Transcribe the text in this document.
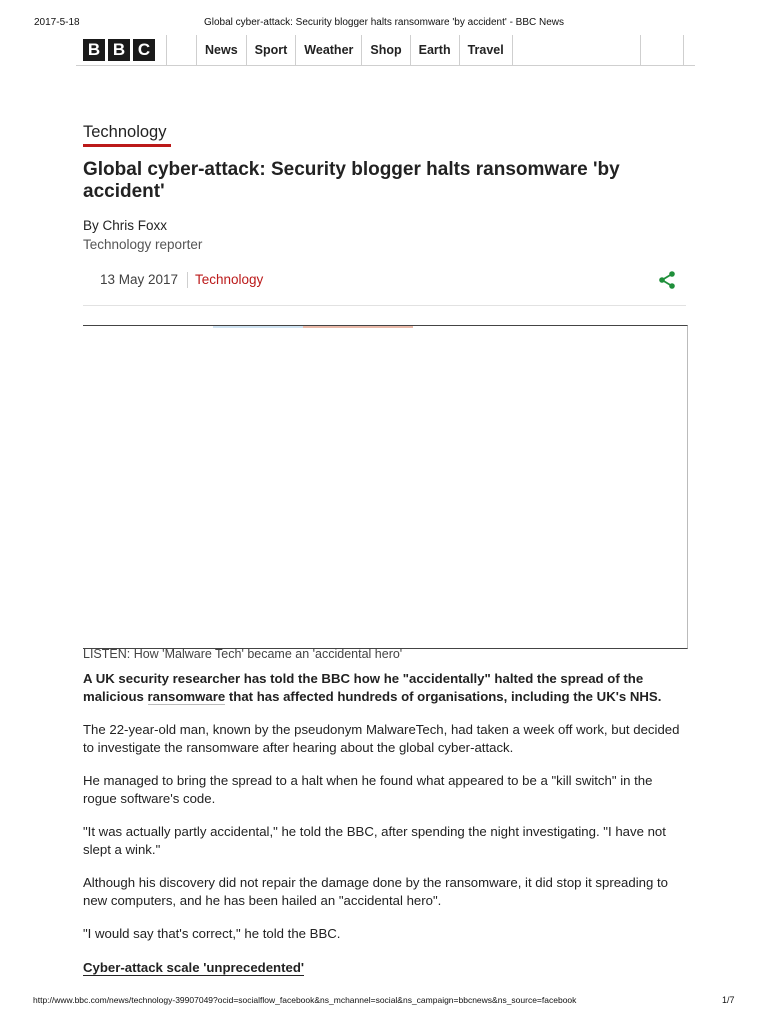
2017-5-18	Global cyber-attack: Security blogger halts ransomware 'by accident' - BBC News
B B C	News	Sport	Weather	Shop	Earth	Travel
Technology
Global cyber-attack: Security blogger halts ransomware 'by accident'
By Chris Foxx
Technology reporter
13 May 2017 Technology
LISTEN: How 'Malware Tech' became an 'accidental hero'

A UK security researcher has told the BBC how he "accidentally" halted the spread of the malicious ransomware that has affected hundreds of organisations, including the UK's NHS.

The 22-year-old man, known by the pseudonym MalwareTech, had taken a week off work, but decided to investigate the ransomware after hearing about the global cyber-attack.

He managed to bring the spread to a halt when he found what appeared to be a "kill switch" in the rogue software's code.

"It was actually partly accidental," he told the BBC, after spending the night investigating. "I have not slept a wink."

Although his discovery did not repair the damage done by the ransomware, it did stop it spreading to new computers, and he has been hailed an "accidental hero".

"I would say that's correct," he told the BBC.

Cyber-attack scale 'unprecedented'

http://www.bbc.com/news/technology-39907049?ocid=socialflow_facebook&ns_mchannel=social&ns_campaign=bbcnews&ns_source=facebook	1/7
